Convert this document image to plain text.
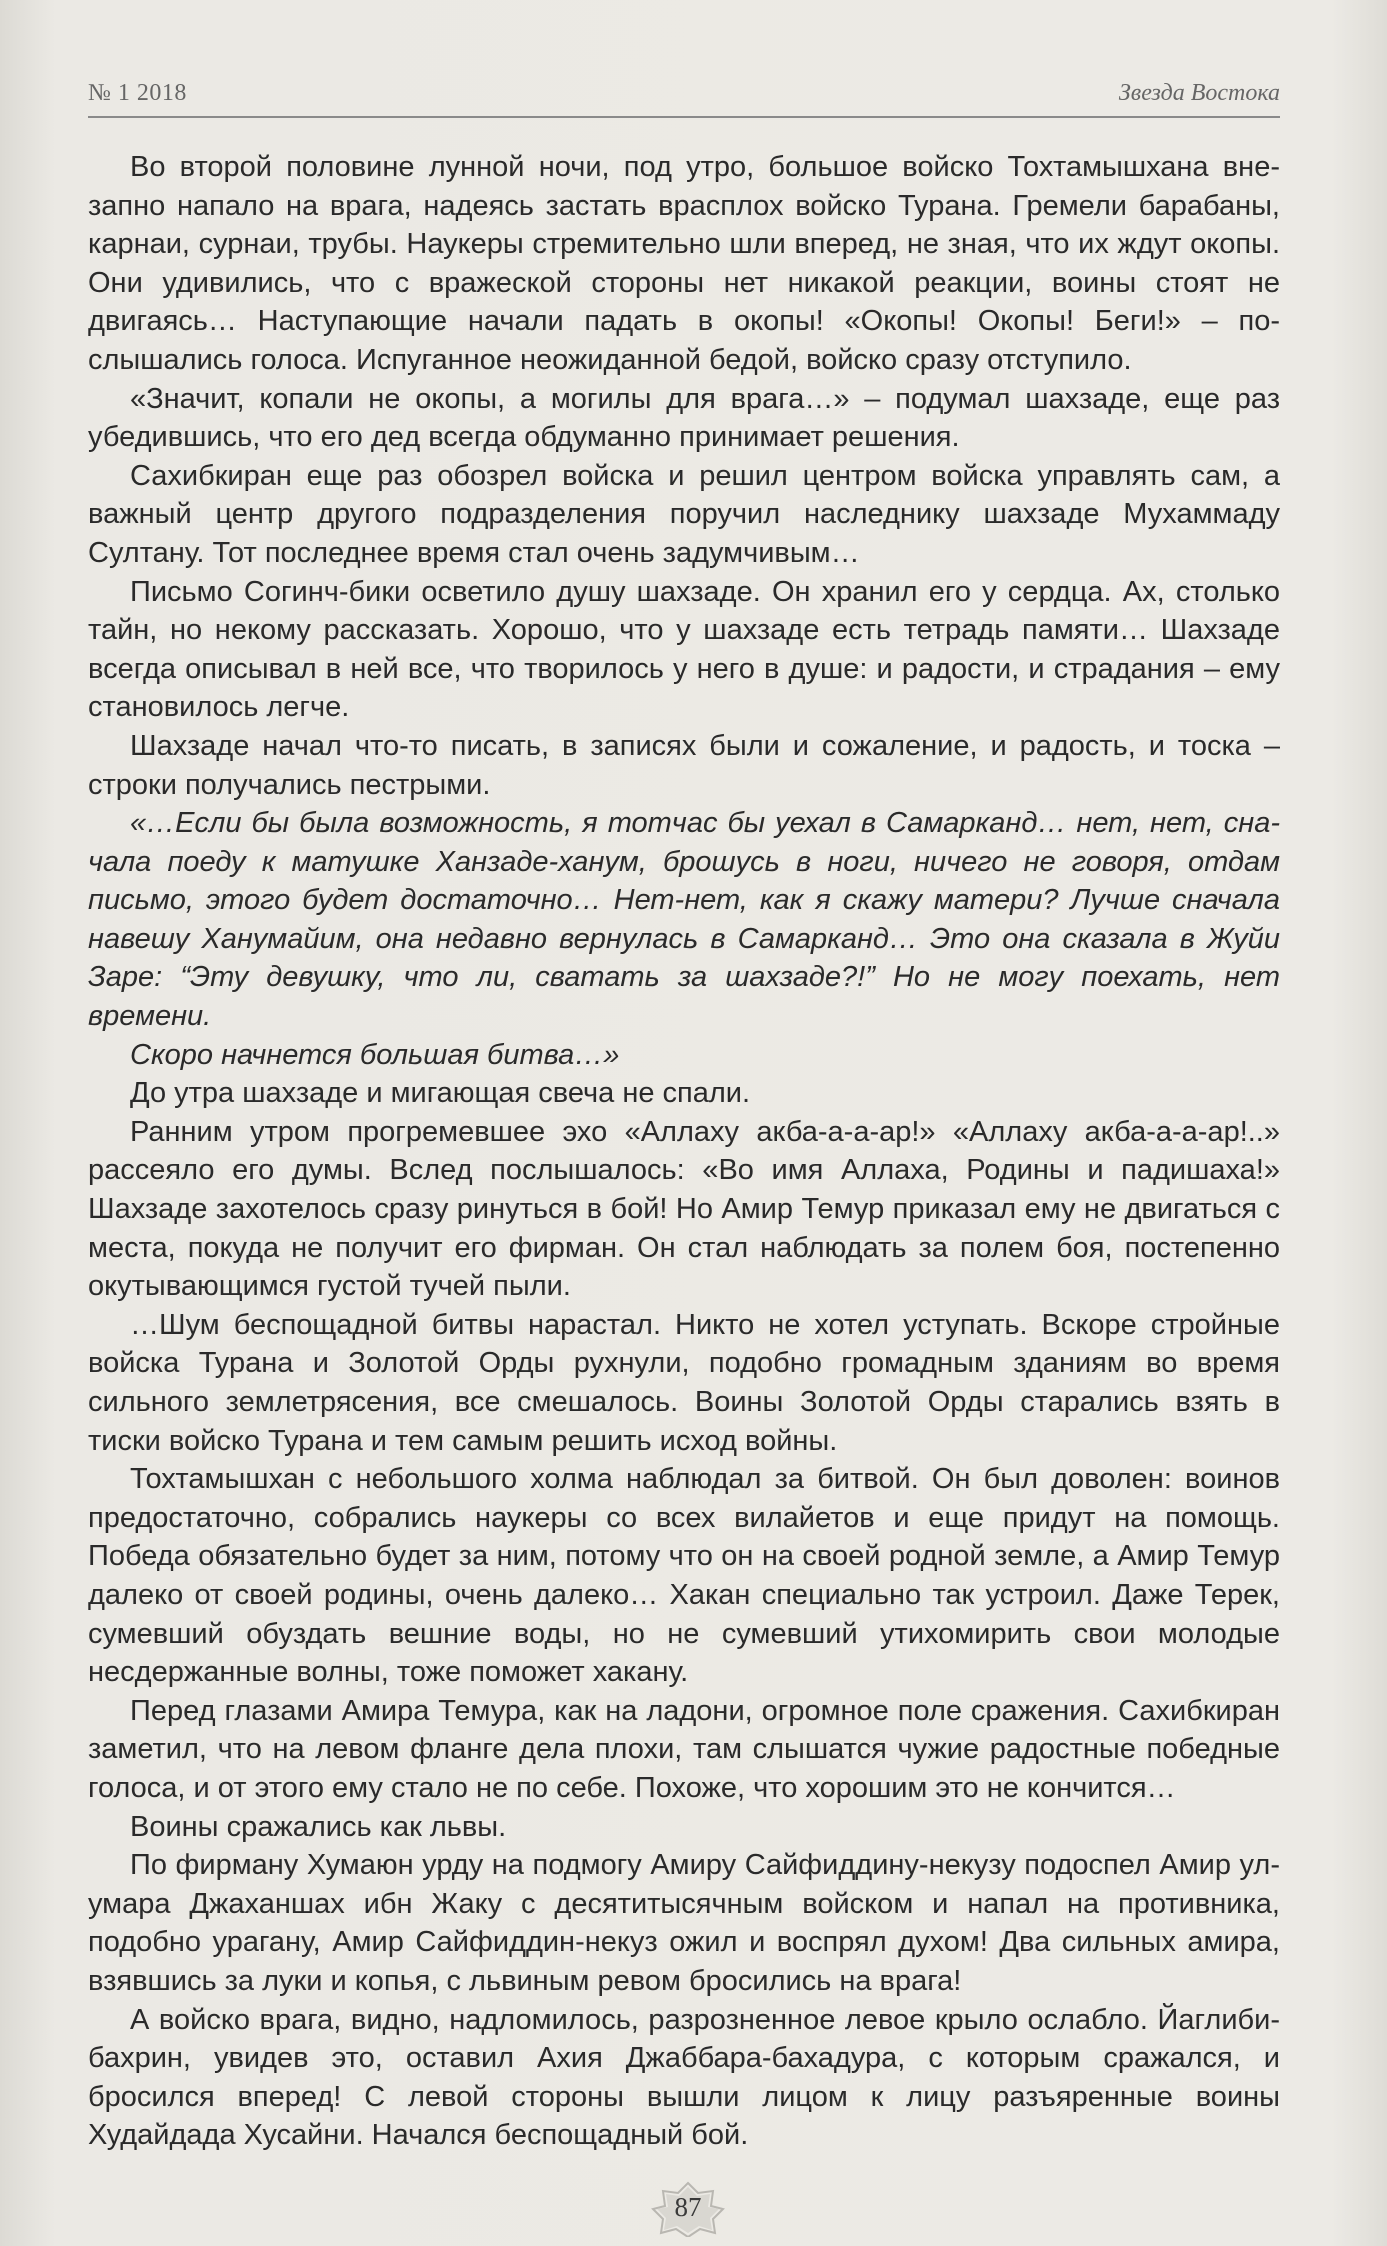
№ 1 2018	Звезда Востока

Во второй половине лунной ночи, под утро, большое войско Тохтамышхана внезапно напало на врага, надеясь застать врасплох войско Турана. Гремели барабаны, карнаи, сурнаи, трубы. Наукеры стремительно шли вперед, не зная, что их ждут окопы. Они удивились, что с вражеской стороны нет никакой реакции, воины стоят не двигаясь… Наступающие начали падать в окопы! «Окопы! Окопы! Беги!» – послышались голоса. Испуганное неожиданной бедой, войско сразу отступило.

«Значит, копали не окопы, а могилы для врага…» – подумал шахзаде, еще раз убедившись, что его дед всегда обдуманно принимает решения.

Сахибкиран еще раз обозрел войска и решил центром войска управлять сам, а важный центр другого подразделения поручил наследнику шахзаде Мухаммаду Султану. Тот последнее время стал очень задумчивым…

Письмо Согинч-бики осветило душу шахзаде. Он хранил его у сердца. Ах, столько тайн, но некому рассказать. Хорошо, что у шахзаде есть тетрадь памяти… Шахзаде всегда описывал в ней все, что творилось у него в душе: и радости, и страдания – ему становилось легче.

Шахзаде начал что-то писать, в записях были и сожаление, и радость, и тоска – строки получались пестрыми.

«…Если бы была возможность, я тотчас бы уехал в Самарканд… нет, нет, сначала поеду к матушке Ханзаде-ханум, брошусь в ноги, ничего не говоря, отдам письмо, этого будет достаточно… Нет-нет, как я скажу матери? Лучше сначала навешу Ханумайим, она недавно вернулась в Самарканд… Это она сказала в Жуйи Заре: “Эту девушку, что ли, сватать за шахзаде?!” Но не могу поехать, нет времени.

Скоро начнется большая битва…»

До утра шахзаде и мигающая свеча не спали.

Ранним утром прогремевшее эхо «Аллаху акба-а-а-ар!» «Аллаху акба-а-а-ар!..» рассеяло его думы. Вслед послышалось: «Во имя Аллаха, Родины и падишаха!» Шахзаде захотелось сразу ринуться в бой! Но Амир Темур приказал ему не двигаться с места, покуда не получит его фирман. Он стал наблюдать за полем боя, постепенно окутывающимся густой тучей пыли.

…Шум беспощадной битвы нарастал. Никто не хотел уступать. Вскоре стройные войска Турана и Золотой Орды рухнули, подобно громадным зданиям во время сильного землетрясения, все смешалось. Воины Золотой Орды старались взять в тиски войско Турана и тем самым решить исход войны.

Тохтамышхан с небольшого холма наблюдал за битвой. Он был доволен: воинов предостаточно, собрались наукеры со всех вилайетов и еще придут на помощь. Победа обязательно будет за ним, потому что он на своей родной земле, а Амир Темур далеко от своей родины, очень далеко… Хакан специально так устроил. Даже Терек, сумевший обуздать вешние воды, но не сумевший утихомирить свои молодые несдержанные волны, тоже поможет хакану.

Перед глазами Амира Темура, как на ладони, огромное поле сражения. Сахибкиран заметил, что на левом фланге дела плохи, там слышатся чужие радостные победные голоса, и от этого ему стало не по себе. Похоже, что хорошим это не кончится…

Воины сражались как львы.

По фирману Хумаюн урду на подмогу Амиру Сайфиддину-некузу подоспел Амир ул-умара Джаханшах ибн Жаку с десятитысячным войском и напал на противника, подобно урагану, Амир Сайфиддин-некуз ожил и воспрял духом! Два сильных амира, взявшись за луки и копья, с львиным ревом бросились на врага!

А войско врага, видно, надломилось, разрозненное левое крыло ослабло. Йаглиби-бахрин, увидев это, оставил Ахия Джаббара-бахадура, с которым сражался, и бросился вперед! С левой стороны вышли лицом к лицу разъяренные воины Худайдада Хусайни. Начался беспощадный бой.

87
